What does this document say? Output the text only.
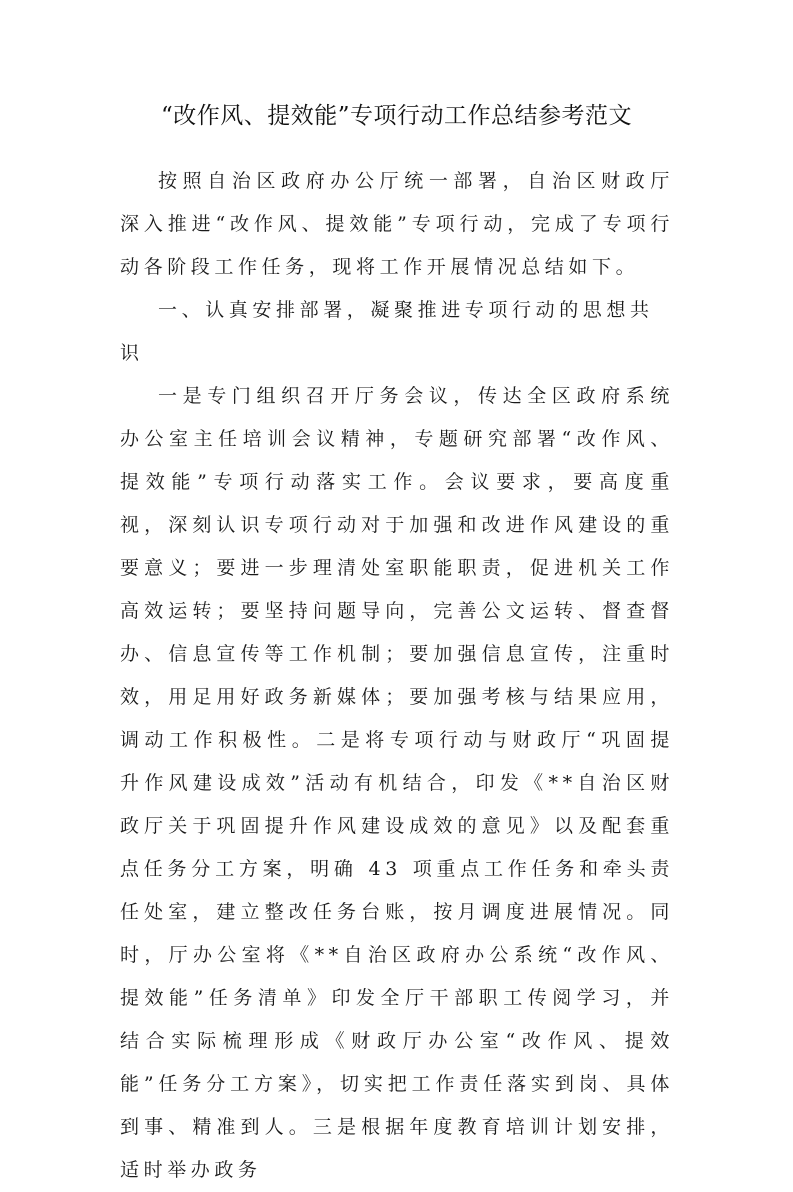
“改作风、提效能”专项行动工作总结参考范文

按照自治区政府办公厅统一部署，自治区财政厅深入推进“改作风、提效能”专项行动，完成了专项行动各阶段工作任务，现将工作开展情况总结如下。

一、认真安排部署，凝聚推进专项行动的思想共识

一是专门组织召开厅务会议，传达全区政府系统办公室主任培训会议精神，专题研究部署“改作风、提效能”专项行动落实工作。会议要求，要高度重视，深刻认识专项行动对于加强和改进作风建设的重要意义；要进一步理清处室职能职责，促进机关工作高效运转；要坚持问题导向，完善公文运转、督查督办、信息宣传等工作机制；要加强信息宣传，注重时效，用足用好政务新媒体；要加强考核与结果应用，调动工作积极性。二是将专项行动与财政厅“巩固提升作风建设成效”活动有机结合，印发《**自治区财政厅关于巩固提升作风建设成效的意见》以及配套重点任务分工方案，明确 43 项重点工作任务和牵头责任处室，建立整改任务台账，按月调度进展情况。同时，厅办公室将《**自治区政府办公系统“改作风、提效能”任务清单》印发全厅干部职工传阅学习，并结合实际梳理形成《财政厅办公室“改作风、提效能”任务分工方案》，切实把工作责任落实到岗、具体到事、精准到人。三是根据年度教育培训计划安排，适时举办政务
